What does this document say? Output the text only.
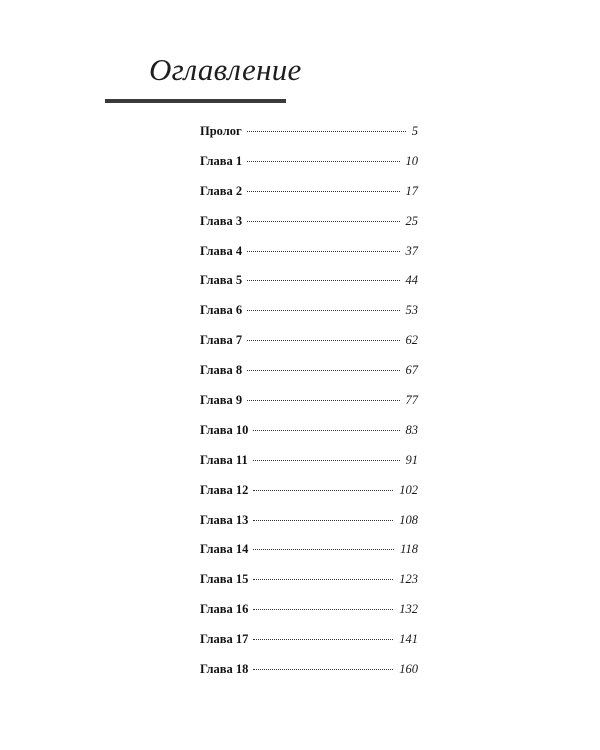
Оглавление
Пролог	5
Глава 1	10
Глава 2	17
Глава 3	25
Глава 4	37
Глава 5	44
Глава 6	53
Глава 7	62
Глава 8	67
Глава 9	77
Глава 10	83
Глава 11	91
Глава 12	102
Глава 13	108
Глава 14	118
Глава 15	123
Глава 16	132
Глава 17	141
Глава 18	160
